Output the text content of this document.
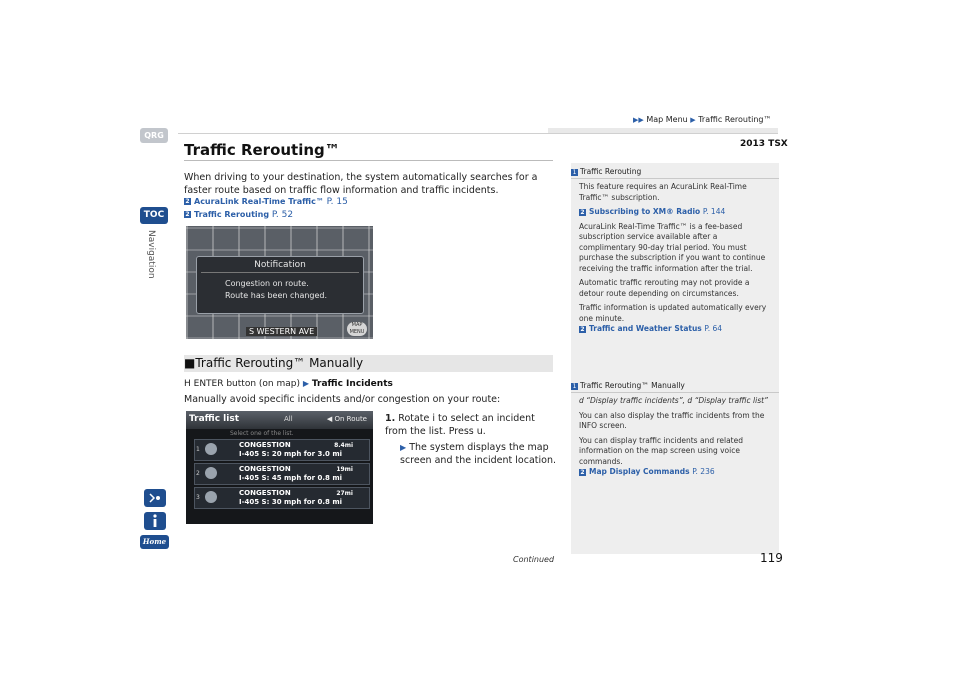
QRG
TOC
Navigation
Home
▶▶ Map Menu ▶ Traffic Rerouting™
2013 TSX
Traffic Rerouting™
When driving to your destination, the system automatically searches for a faster route based on traffic flow information and traffic incidents.
2 AcuraLink Real-Time Traffic™ P. 15
2 Traffic Rerouting P. 52
Notification
Congestion on route.
Route has been changed.
S WESTERN AVE
MAP MENU
■Traffic Rerouting™ Manually
H ENTER button (on map) ▶ Traffic Incidents
Manually avoid specific incidents and/or congestion on your route:
Traffic list	All	◀ On Route
Select one of the list.
1
CONGESTION
I-405 S: 20 mph for 3.0 mi
8.4mi
2
CONGESTION
I-405 S: 45 mph for 0.8 mi
19mi
3
CONGESTION
I-405 S: 30 mph for 0.8 mi
27mi
1. Rotate i to select an incident from the list. Press u.
▶ The system displays the map screen and the incident location.
Continued
1 Traffic Rerouting

This feature requires an AcuraLink Real-Time Traffic™ subscription.

2 Subscribing to XM® Radio P. 144

AcuraLink Real-Time Traffic™ is a fee-based subscription service available after a complimentary 90-day trial period. You must purchase the subscription if you want to continue receiving the traffic information after the trial.

Automatic traffic rerouting may not provide a detour route depending on circumstances.

Traffic information is updated automatically every one minute.

2 Traffic and Weather Status P. 64

1 Traffic Rerouting™ Manually

d “Display traffic incidents”, d “Display traffic list”

You can also display the traffic incidents from the INFO screen.

You can display traffic incidents and related information on the map screen using voice commands.

2 Map Display Commands P. 236

119
